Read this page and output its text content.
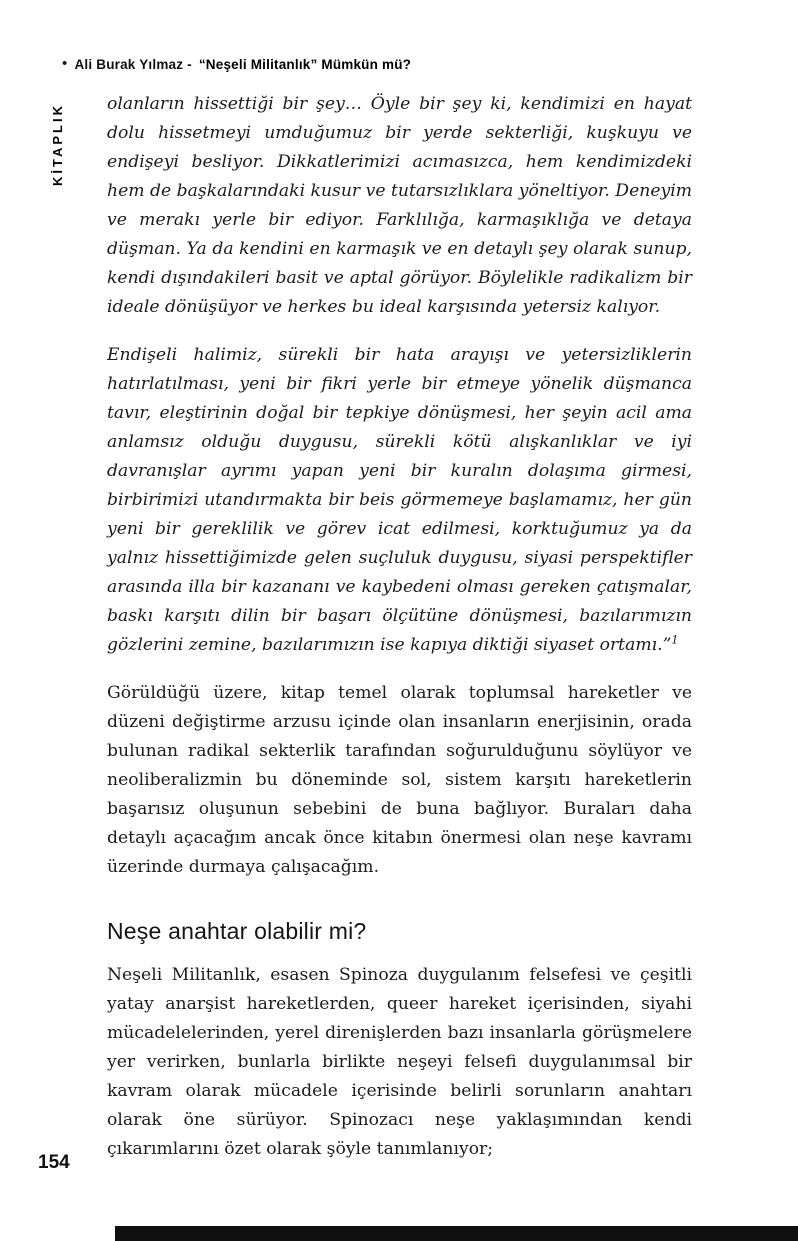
• Ali Burak Yılmaz - “Neşeli Militanlık” Mümkün mü?
KİTAPLIK olanların hissettiği bir şey… Öyle bir şey ki, kendimizi en hayat dolu hissetmeyi umduğumuz bir yerde sekterliği, kuşkuyu ve endişeyi besliyor. Dikkatlerimizi acımasızca, hem kendimizdeki hem de başkalarındaki kusur ve tutarsızlıklara yöneltiyor. Deneyim ve merakı yerle bir ediyor. Farklılığa, karmaşıklığa ve detaya düşman. Ya da kendini en karmaşık ve en detaylı şey olarak sunup, kendi dışındakileri basit ve aptal görüyor. Böylelikle radikalizm bir ideale dönüşüyor ve herkes bu ideal karşısında yetersiz kalıyor.

Endişeli halimiz, sürekli bir hata arayışı ve yetersizliklerin hatırlatılması, yeni bir fikri yerle bir etmeye yönelik düşmanca tavır, eleştirinin doğal bir tepkiye dönüşmesi, her şeyin acil ama anlamsız olduğu duygusu, sürekli kötü alışkanlıklar ve iyi davranışlar ayrımı yapan yeni bir kuralın dolaşıma girmesi, birbirimizi utandırmakta bir beis görmemeye başlamamız, her gün yeni bir gereklilik ve görev icat edilmesi, korktuğumuz ya da yalnız hissettiğimizde gelen suçluluk duygusu, siyasi perspektifler arasında illa bir kazananı ve kaybedeni olması gereken çatışmalar, baskı karşıtı dilin bir başarı ölçütüne dönüşmesi, bazılarımızın gözlerini zemine, bazılarımızın ise kapıya diktiği siyaset ortamı.”$^1$

Görüldüğü üzere, kitap temel olarak toplumsal hareketler ve düzeni değiştirme arzusu içinde olan insanların enerjisinin, orada bulunan radikal sekterlik tarafından soğurulduğunu söylüyor ve neoliberalizmin bu döneminde sol, sistem karşıtı hareketlerin başarısız oluşunun sebebini de buna bağlıyor. Buraları daha detaylı açacağım ancak önce kitabın önermesi olan neşe kavramı üzerinde durmaya çalışacağım.

Neşe anahtar olabilir mi?

Neşeli Militanlık, esasen Spinoza duygulanım felsefesi ve çeşitli yatay anarşist hareketlerden, queer hareket içerisinden, siyahi mücadelelerinden, yerel direnişlerden bazı insanlarla görüşmelere yer verirken, bunlarla birlikte neşeyi felsefi duygulanımsal bir kavram olarak mücadele içerisinde belirli sorunların anahtarı olarak öne sürüyor. Spinozacı neşe yaklaşımından kendi çıkarımlarını özet olarak şöyle tanımlanıyor;

154
